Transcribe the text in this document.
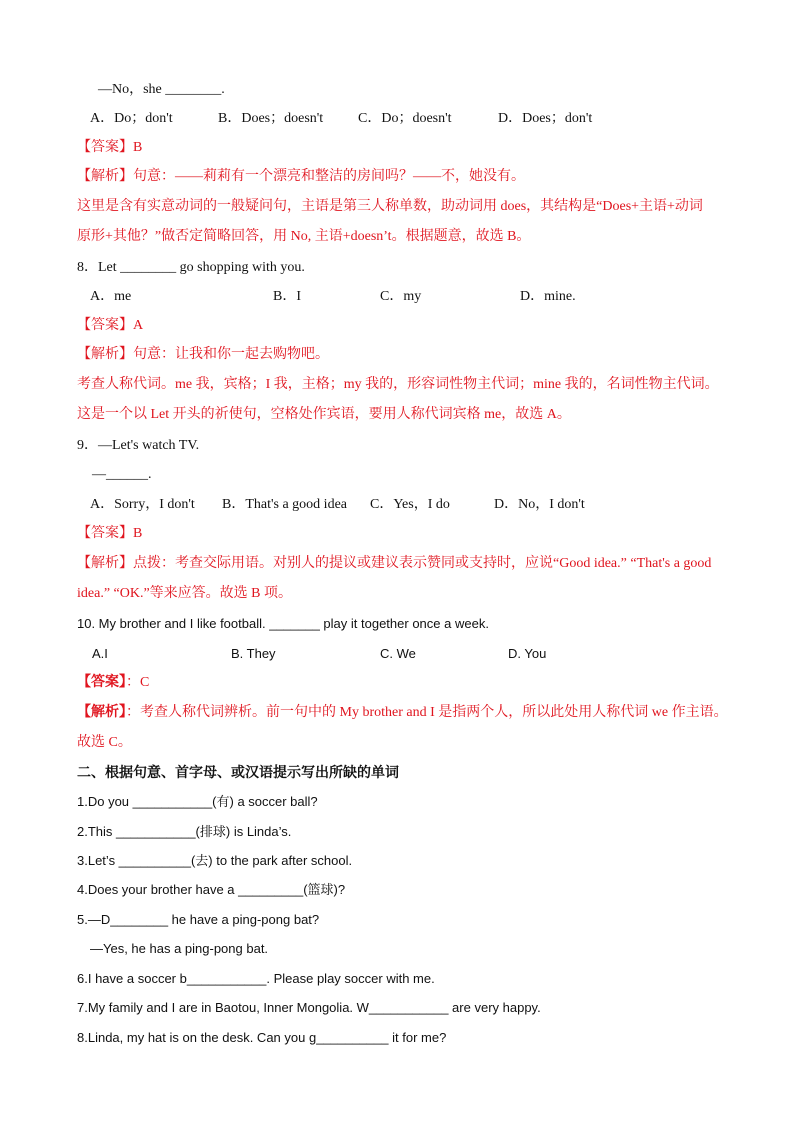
—No，she ________.
A．Do；don't	B．Does；doesn't C．Do；doesn't	D．Does；don't
【答案】B
【解析】句意：——莉莉有一个漂亮和整洁的房间吗？——不，她没有。
这里是含有实意动词的一般疑问句，主语是第三人称单数，助动词用 does，其结构是“Does+主语+动词
原形+其他？”做否定简略回答，用 No, 主语+doesn’t。根据题意，故选 B。
8．Let ________ go shopping with you.
A．me	B．I	C．my	D．mine.
【答案】A
【解析】句意：让我和你一起去购物吧。
考查人称代词。me 我，宾格；I 我，主格；my 我的，形容词性物主代词；mine 我的，名词性物主代词。
这是一个以 Let 开头的祈使句，空格处作宾语，要用人称代词宾格 me，故选 A。
9．—Let's watch TV.
—______.
A．Sorry，I don't B．That's a good idea C．Yes，I do	D．No，I don't
【答案】B
【解析】点拨：考查交际用语。对别人的提议或建议表示赞同或支持时，应说“Good idea.” “That's a good
idea.” “OK.”等来应答。故选 B 项。
10. My brother and I like football. _______ play it together once a week.
A.I	B. They	C. We	D. You
【答案】：C
【解析】：考查人称代词辨析。前一句中的 My brother and I 是指两个人，所以此处用人称代词 we 作主语。
故选 C。
二、根据句意、首字母、或汉语提示写出所缺的单词
1.Do you ___________(有) a soccer ball?
2.This ___________(排球) is Linda’s.
3.Let’s __________(去) to the park after school.
4.Does your brother have a _________(篮球)?
5.—D________ he have a ping-pong bat?
—Yes, he has a ping-pong bat.
6.I have a soccer b___________. Please play soccer with me.
7.My family and I are in Baotou, Inner Mongolia. W___________ are very happy.
8.Linda, my hat is on the desk. Can you g__________ it for me?
